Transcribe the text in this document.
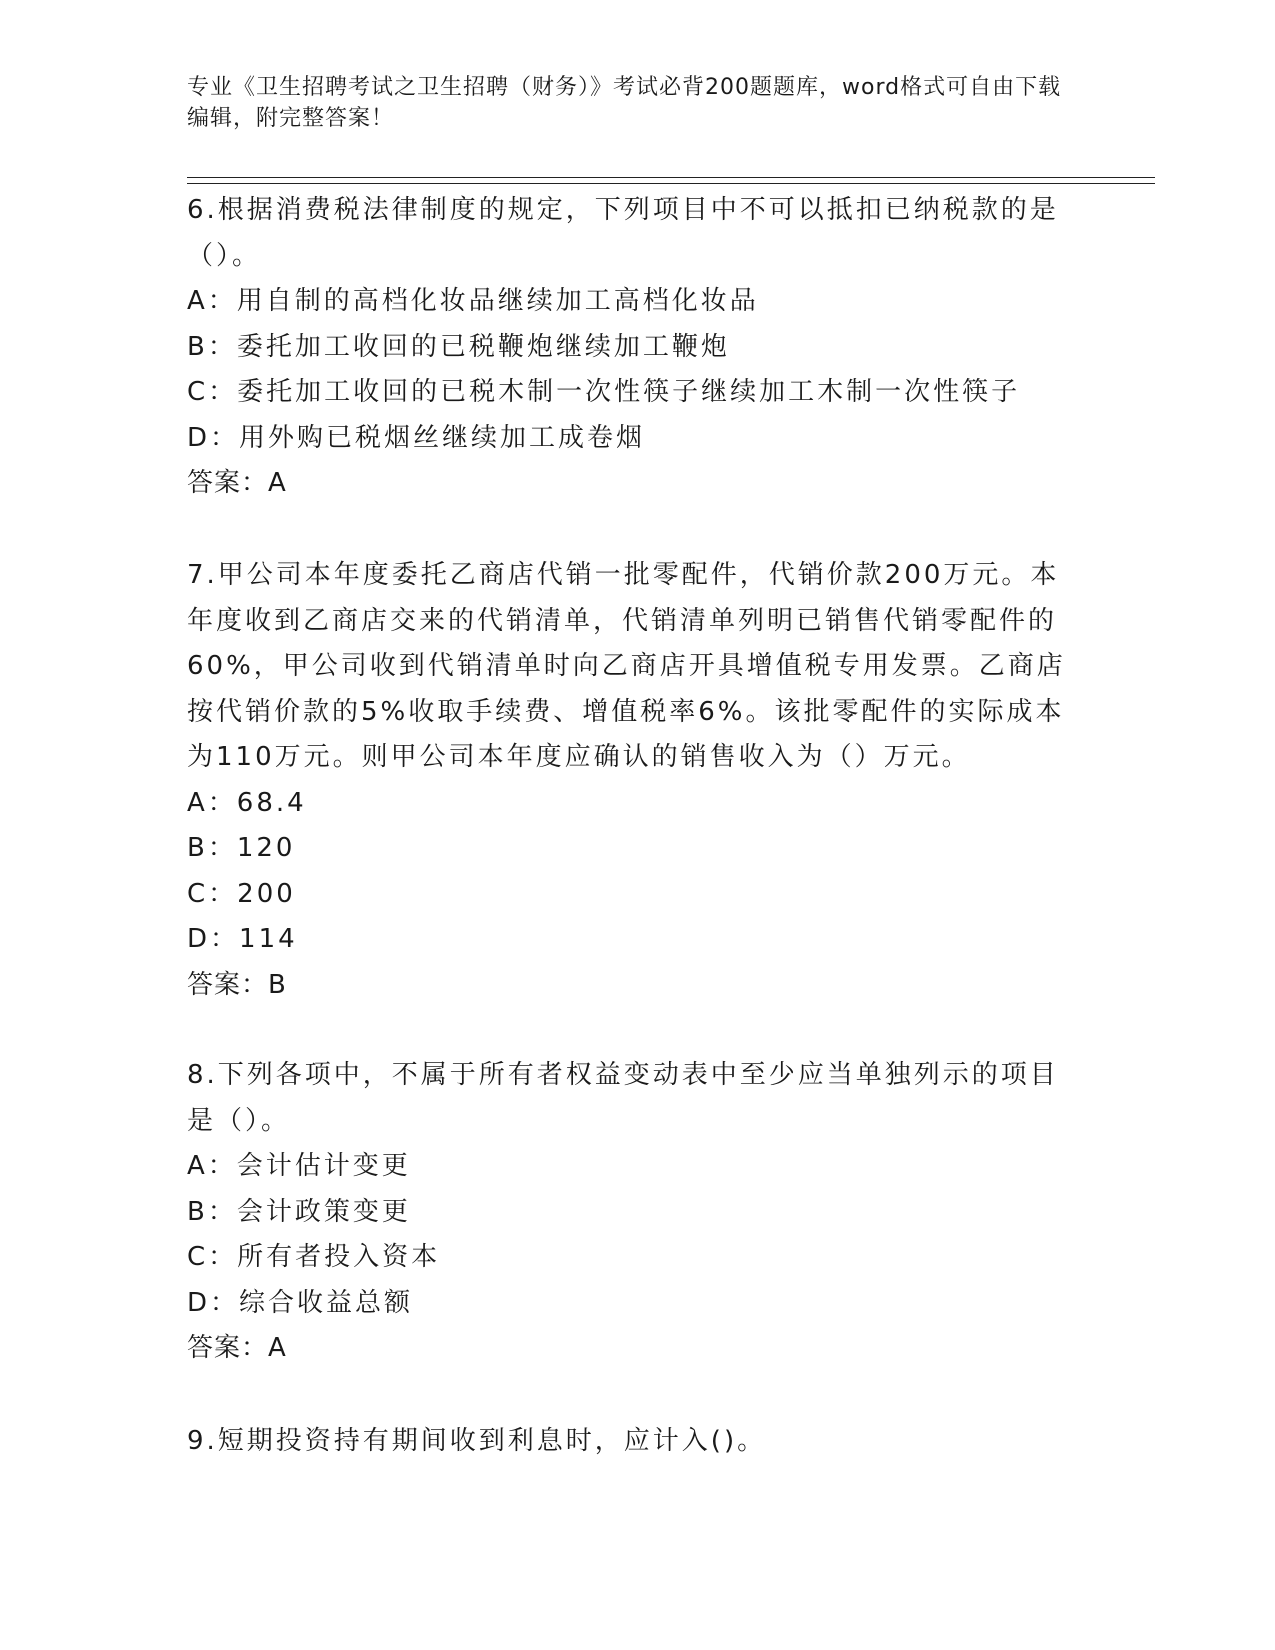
专业《卫生招聘考试之卫生招聘（财务）》考试必背200题题库，word格式可自由下载编辑，附完整答案！
6.根据消费税法律制度的规定，下列项目中不可以抵扣已纳税款的是（）。
A：用自制的高档化妆品继续加工高档化妆品
B：委托加工收回的已税鞭炮继续加工鞭炮
C：委托加工收回的已税木制一次性筷子继续加工木制一次性筷子
D：用外购已税烟丝继续加工成卷烟
答案：A
7.甲公司本年度委托乙商店代销一批零配件，代销价款200万元。本年度收到乙商店交来的代销清单，代销清单列明已销售代销零配件的60%，甲公司收到代销清单时向乙商店开具增值税专用发票。乙商店按代销价款的5%收取手续费、增值税率6%。该批零配件的实际成本为110万元。则甲公司本年度应确认的销售收入为（）万元。
A：68.4
B：120
C：200
D：114
答案：B
8.下列各项中，不属于所有者权益变动表中至少应当单独列示的项目是（）。
A：会计估计变更
B：会计政策变更
C：所有者投入资本
D：综合收益总额
答案：A
9.短期投资持有期间收到利息时，应计入()。
